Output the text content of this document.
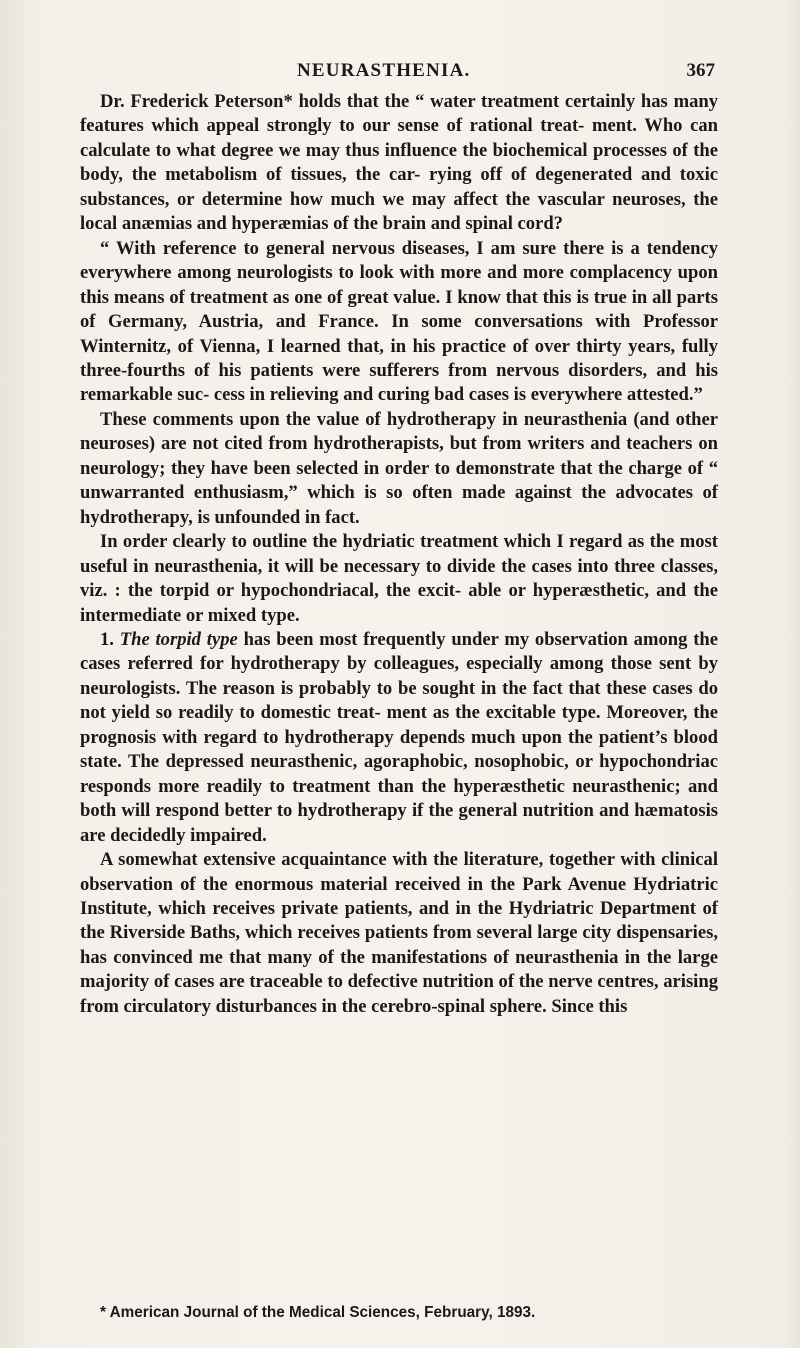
NEURASTHENIA.	367

Dr. Frederick Peterson* holds that the “ water treatment certainly has many features which appeal strongly to our sense of rational treat- ment. Who can calculate to what degree we may thus influence the biochemical processes of the body, the metabolism of tissues, the car- rying off of degenerated and toxic substances, or determine how much we may affect the vascular neuroses, the local anæmias and hyperæmias of the brain and spinal cord?

“ With reference to general nervous diseases, I am sure there is a tendency everywhere among neurologists to look with more and more complacency upon this means of treatment as one of great value. I know that this is true in all parts of Germany, Austria, and France. In some conversations with Professor Winternitz, of Vienna, I learned that, in his practice of over thirty years, fully three-fourths of his patients were sufferers from nervous disorders, and his remarkable suc- cess in relieving and curing bad cases is everywhere attested.”

These comments upon the value of hydrotherapy in neurasthenia (and other neuroses) are not cited from hydrotherapists, but from writers and teachers on neurology; they have been selected in order to demonstrate that the charge of “ unwarranted enthusiasm,” which is so often made against the advocates of hydrotherapy, is unfounded in fact.

In order clearly to outline the hydriatic treatment which I regard as the most useful in neurasthenia, it will be necessary to divide the cases into three classes, viz. : the torpid or hypochondriacal, the excit- able or hyperæsthetic, and the intermediate or mixed type.

1. The torpid type has been most frequently under my observation among the cases referred for hydrotherapy by colleagues, especially among those sent by neurologists. The reason is probably to be sought in the fact that these cases do not yield so readily to domestic treat- ment as the excitable type. Moreover, the prognosis with regard to hydrotherapy depends much upon the patient’s blood state. The depressed neurasthenic, agoraphobic, nosophobic, or hypochondriac responds more readily to treatment than the hyperæsthetic neurasthenic; and both will respond better to hydrotherapy if the general nutrition and hæmatosis are decidedly impaired.

A somewhat extensive acquaintance with the literature, together with clinical observation of the enormous material received in the Park Avenue Hydriatric Institute, which receives private patients, and in the Hydriatric Department of the Riverside Baths, which receives patients from several large city dispensaries, has convinced me that many of the manifestations of neurasthenia in the large majority of cases are traceable to defective nutrition of the nerve centres, arising from circulatory disturbances in the cerebro-spinal sphere. Since this

* American Journal of the Medical Sciences, February, 1893.
